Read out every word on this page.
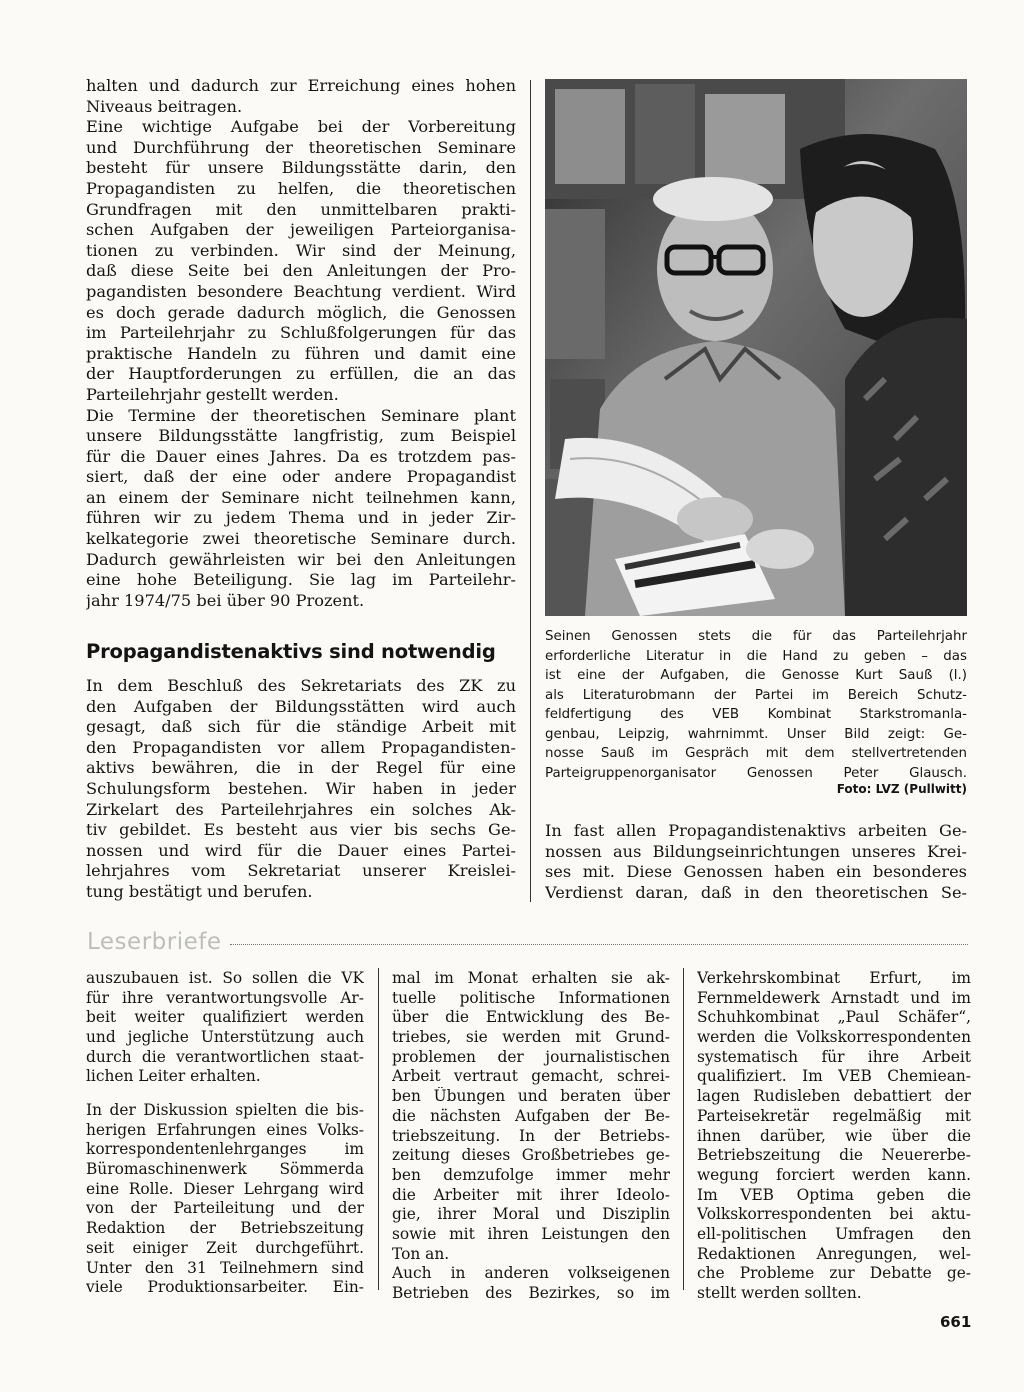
halten und dadurch zur Erreichung eines hohen
Niveaus beitragen.
Eine wichtige Aufgabe bei der Vorbereitung
und Durchführung der theoretischen Seminare
besteht für unsere Bildungsstätte darin, den
Propagandisten zu helfen, die theoretischen
Grundfragen mit den unmittelbaren prakti-
schen Aufgaben der jeweiligen Parteiorganisa-
tionen zu verbinden. Wir sind der Meinung,
daß diese Seite bei den Anleitungen der Pro-
pagandisten besondere Beachtung verdient. Wird
es doch gerade dadurch möglich, die Genossen
im Parteilehrjahr zu Schlußfolgerungen für das
praktische Handeln zu führen und damit eine
der Hauptforderungen zu erfüllen, die an das
Parteilehrjahr gestellt werden.
Die Termine der theoretischen Seminare plant
unsere Bildungsstätte langfristig, zum Beispiel
für die Dauer eines Jahres. Da es trotzdem pas-
siert, daß der eine oder andere Propagandist
an einem der Seminare nicht teilnehmen kann,
führen wir zu jedem Thema und in jeder Zir-
kelkategorie zwei theoretische Seminare durch.
Dadurch gewährleisten wir bei den Anleitungen
eine hohe Beteiligung. Sie lag im Parteilehr-
jahr 1974/75 bei über 90 Prozent.
Propagandistenaktivs sind notwendig
In dem Beschluß des Sekretariats des ZK zu
den Aufgaben der Bildungsstätten wird auch
gesagt, daß sich für die ständige Arbeit mit
den Propagandisten vor allem Propagandisten-
aktivs bewähren, die in der Regel für eine
Schulungsform bestehen. Wir haben in jeder
Zirkelart des Parteilehrjahres ein solches Ak-
tiv gebildet. Es besteht aus vier bis sechs Ge-
nossen und wird für die Dauer eines Partei-
lehrjahres vom Sekretariat unserer Kreislei-
tung bestätigt und berufen.
Seinen Genossen stets die für das Parteilehrjahr
erforderliche Literatur in die Hand zu geben – das
ist eine der Aufgaben, die Genosse Kurt Sauß (l.)
als Literaturobmann der Partei im Bereich Schutz-
feldfertigung des VEB Kombinat Starkstromanla-
genbau, Leipzig, wahrnimmt. Unser Bild zeigt: Ge-
nosse Sauß im Gespräch mit dem stellvertretenden
Parteigruppenorganisator Genossen Peter Glausch.
Foto: LVZ (Pullwitt)
In fast allen Propagandistenaktivs arbeiten Ge-
nossen aus Bildungseinrichtungen unseres Krei-
ses mit. Diese Genossen haben ein besonderes
Verdienst daran, daß in den theoretischen Se-
Leserbriefe
auszubauen ist. So sollen die VK
für ihre verantwortungsvolle Ar-
beit weiter qualifiziert werden
und jegliche Unterstützung auch
durch die verantwortlichen staat-
lichen Leiter erhalten.
In der Diskussion spielten die bis-
herigen Erfahrungen eines Volks-
korrespondentenlehrganges im
Büromaschinenwerk Sömmerda
eine Rolle. Dieser Lehrgang wird
von der Parteileitung und der
Redaktion der Betriebszeitung
seit einiger Zeit durchgeführt.
Unter den 31 Teilnehmern sind
viele Produktionsarbeiter. Ein-
mal im Monat erhalten sie ak-
tuelle politische Informationen
über die Entwicklung des Be-
triebes, sie werden mit Grund-
problemen der journalistischen
Arbeit vertraut gemacht, schrei-
ben Übungen und beraten über
die nächsten Aufgaben der Be-
triebszeitung. In der Betriebs-
zeitung dieses Großbetriebes ge-
ben demzufolge immer mehr
die Arbeiter mit ihrer Ideolo-
gie, ihrer Moral und Disziplin
sowie mit ihren Leistungen den
Ton an.
Auch in anderen volkseigenen
Betrieben des Bezirkes, so im
Verkehrskombinat Erfurt, im
Fernmeldewerk Arnstadt und im
Schuhkombinat „Paul Schäfer“,
werden die Volkskorrespondenten
systematisch für ihre Arbeit
qualifiziert. Im VEB Chemiean-
lagen Rudisleben debattiert der
Parteisekretär regelmäßig mit
ihnen darüber, wie über die
Betriebszeitung die Neuererbe-
wegung forciert werden kann.
Im VEB Optima geben die
Volkskorrespondenten bei aktu-
ell-politischen Umfragen den
Redaktionen Anregungen, wel-
che Probleme zur Debatte ge-
stellt werden sollten.
661
